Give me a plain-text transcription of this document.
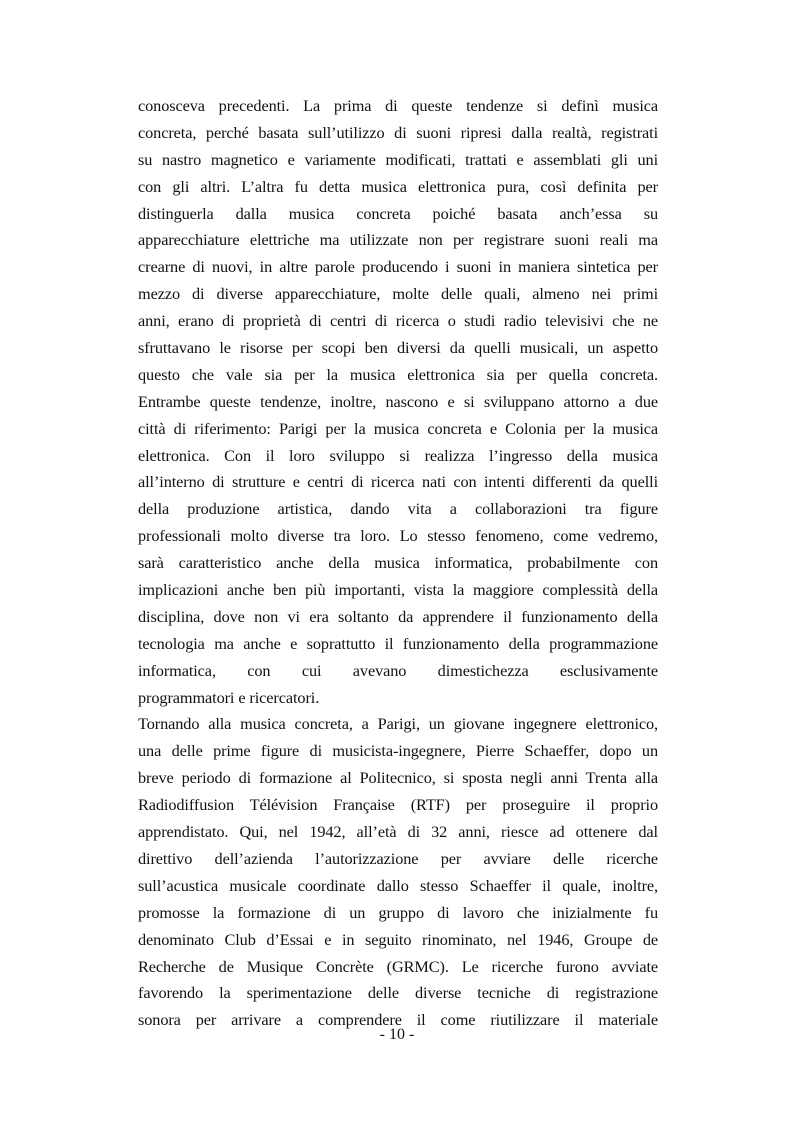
conosceva precedenti. La prima di queste tendenze si definì musica
concreta, perché basata sull’utilizzo di suoni ripresi dalla realtà, registrati
su nastro magnetico e variamente modificati, trattati e assemblati gli uni
con gli altri. L’altra fu detta musica elettronica pura, così definita per
distinguerla dalla musica concreta poiché basata anch’essa su
apparecchiature elettriche ma utilizzate non per registrare suoni reali ma
crearne di nuovi, in altre parole producendo i suoni in maniera sintetica per
mezzo di diverse apparecchiature, molte delle quali, almeno nei primi
anni, erano di proprietà di centri di ricerca o studi radio televisivi che ne
sfruttavano le risorse per scopi ben diversi da quelli musicali, un aspetto
questo che vale sia per la musica elettronica sia per quella concreta.
Entrambe queste tendenze, inoltre, nascono e si sviluppano attorno a due
città di riferimento: Parigi per la musica concreta e Colonia per la musica
elettronica. Con il loro sviluppo si realizza l’ingresso della musica
all’interno di strutture e centri di ricerca nati con intenti differenti da quelli
della produzione artistica, dando vita a collaborazioni tra figure
professionali molto diverse tra loro. Lo stesso fenomeno, come vedremo,
sarà caratteristico anche della musica informatica, probabilmente con
implicazioni anche ben più importanti, vista la maggiore complessità della
disciplina, dove non vi era soltanto da apprendere il funzionamento della
tecnologia ma anche e soprattutto il funzionamento della programmazione
informatica, con cui avevano dimestichezza esclusivamente
programmatori e ricercatori.
Tornando alla musica concreta, a Parigi, un giovane ingegnere elettronico,
una delle prime figure di musicista-ingegnere, Pierre Schaeffer, dopo un
breve periodo di formazione al Politecnico, si sposta negli anni Trenta alla
Radiodiffusion Télévision Française (RTF) per proseguire il proprio
apprendistato. Qui, nel 1942, all’età di 32 anni, riesce ad ottenere dal
direttivo dell’azienda l’autorizzazione per avviare delle ricerche
sull’acustica musicale coordinate dallo stesso Schaeffer il quale, inoltre,
promosse la formazione di un gruppo di lavoro che inizialmente fu
denominato Club d’Essai e in seguito rinominato, nel 1946, Groupe de
Recherche de Musique Concrète (GRMC). Le ricerche furono avviate
favorendo la sperimentazione delle diverse tecniche di registrazione
sonora per arrivare a comprendere il come riutilizzare il materiale
- 10 -
